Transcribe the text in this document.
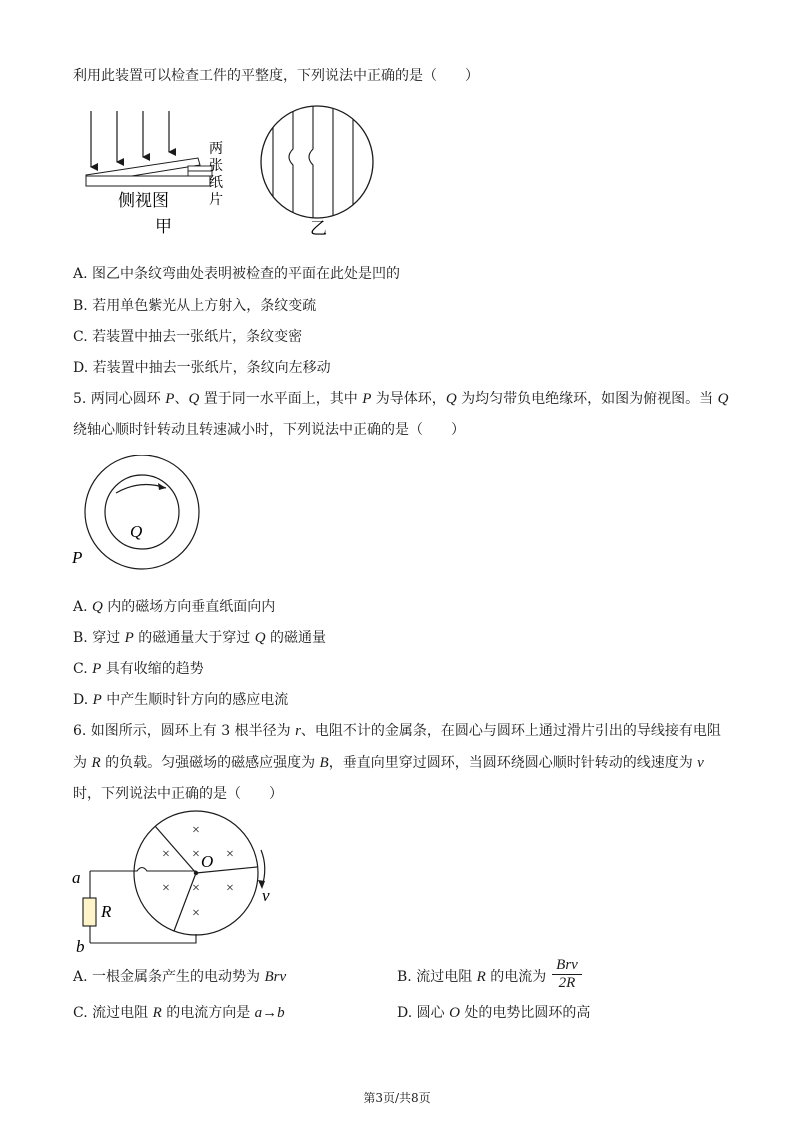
利用此装置可以检查工件的平整度，下列说法中正确的是（　　）
侧视图
甲
两
张
纸
片
乙
A. 图乙中条纹弯曲处表明被检查的平面在此处是凹的
B. 若用单色紫光从上方射入，条纹变疏
C. 若装置中抽去一张纸片，条纹变密
D. 若装置中抽去一张纸片，条纹向左移动
5. 两同心圆环 P、Q 置于同一水平面上，其中 P 为导体环，Q 为均匀带负电绝缘环，如图为俯视图。当 Q
绕轴心顺时针转动且转速减小时，下列说法中正确的是（　　）
Q
P
A. Q 内的磁场方向垂直纸面向内
B. 穿过 P 的磁通量大于穿过 Q 的磁通量
C. P 具有收缩的趋势
D. P 中产生顺时针方向的感应电流
6. 如图所示，圆环上有 3 根半径为 r、电阻不计的金属条，在圆心与圆环上通过滑片引出的导线接有电阻
为 R 的负载。匀强磁场的磁感应强度为 B，垂直向里穿过圆环，当圆环绕圆心顺时针转动的线速度为 v
时，下列说法中正确的是（　　）
×
× × ×
× × ×
×
O
a
b
R
v
A. 一根金属条产生的电动势为 Brv	B. 流过电阻 R 的电流为
Brv
2R
C. 流过电阻 R 的电流方向是 a→b	D. 圆心 O 处的电势比圆环的高
第3页/共8页
